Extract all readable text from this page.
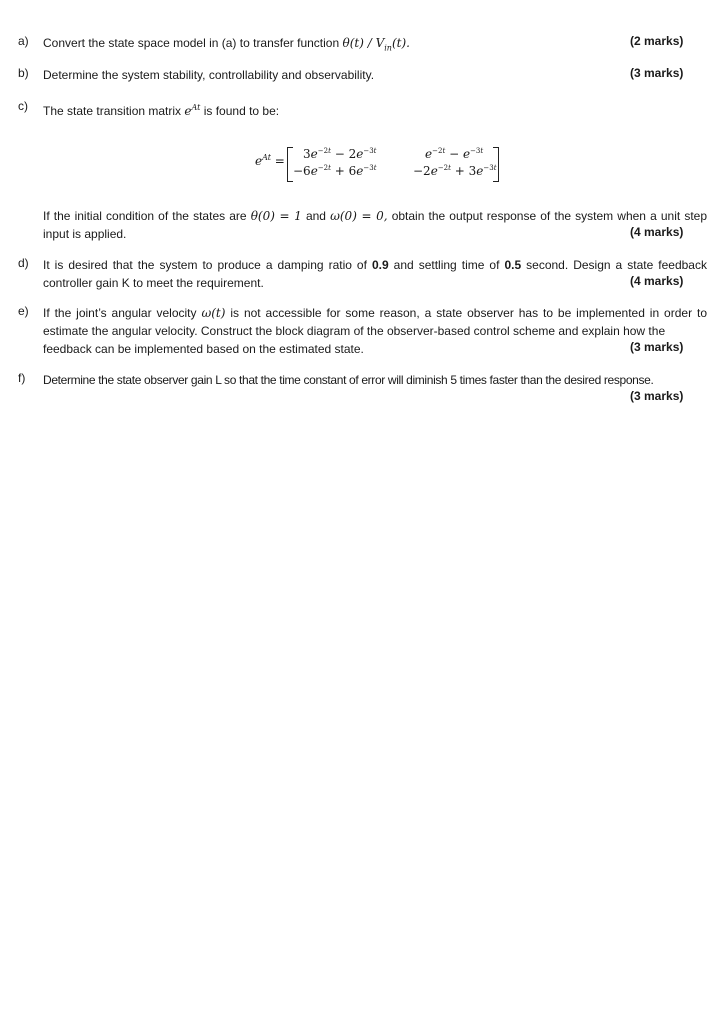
a) Convert the state space model in (a) to transfer function $\theta(t) / V_{in}(t)$.	(2 marks)
b) Determine the system stability, controllability and observability.	(3 marks)
c) The state transition matrix $e^{At}$ is found to be:
$e^{At} = 3e^{-2t} - 2e^{-3t}$	$e^{-2t} - e^{-3t}$
$-6e^{-2t} + 6e^{-3t}$	$-2e^{-2t} + 3e^{-3t}$
If the initial condition of the states are θ(0) = 1 and ω(0) = 0, obtain the output response of the system when a unit step
input is applied.	(4 marks)
d) It is desired that the system to produce a damping ratio of 0.9 and settling time of 0.5 second. Design a state feedback
controller gain K to meet the requirement.	(4 marks)
e) If the joint’s angular velocity ω(t) is not accessible for some reason, a state observer has to be implemented in order to estimate the angular velocity. Construct the block diagram of the observer-based control scheme and explain how the
feedback can be implemented based on the estimated state.	(3 marks)
f) Determine the state observer gain L so that the time constant of error will diminish 5 times faster than the desired response.
(3 marks)
